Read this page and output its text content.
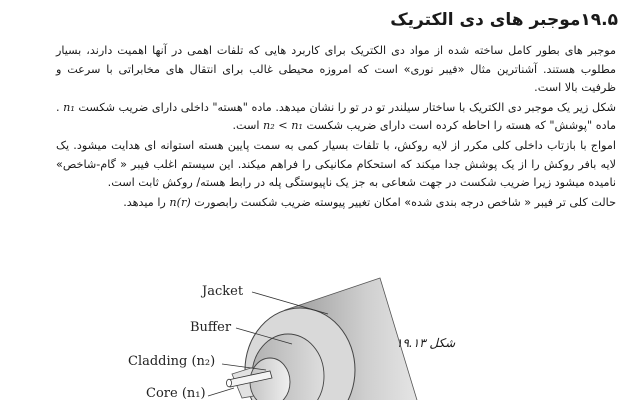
۱۹.۵موجبر های دی الکتریک

موجبر های بطور کامل ساخته شده از مواد دی الکتریک برای کاربرد هایی که تلفات اهمی در آنها اهمیت دارند، بسیار مطلوب هستند. آشناترین مثال «فیبر نوری» است که امروزه محیطی غالب برای انتقال های مخابراتی با سرعت و ظرفیت بالا است.

شکل زیر یک موجبر دی الکتریک با ساختار سیلندر تو در تو را نشان میدهد. ماده "هسته" داخلی دارای ضریب شکست n₁ . ماده "پوشش" که هسته را احاطه کرده است دارای ضریب شکست n₂ < n₁ است.

امواج با بازتاب داخلی کلی مکرر از لایه روکش، با تلفات بسیار کمی به سمت پایین هسته استوانه ای هدایت میشود. یک لایه بافر روکش را از یک پوشش جدا میکند که استحکام مکانیکی را فراهم میکند. این سیستم اغلب فیبر « گام-شاخص» نامیده میشود زیرا ضریب شکست در جهت شعاعی به جز یک ناپیوستگی پله در رابط هسته/ روکش ثابت است.

حالت کلی تر فیبر « شاخص درجه بندی شده» امکان تغییر پیوسته ضریب شکست رابصورت n(r) را میدهد.

Jacket
Buffer
Cladding (n₂)
Core (n₁)
شکل ۱۹.۱۳
